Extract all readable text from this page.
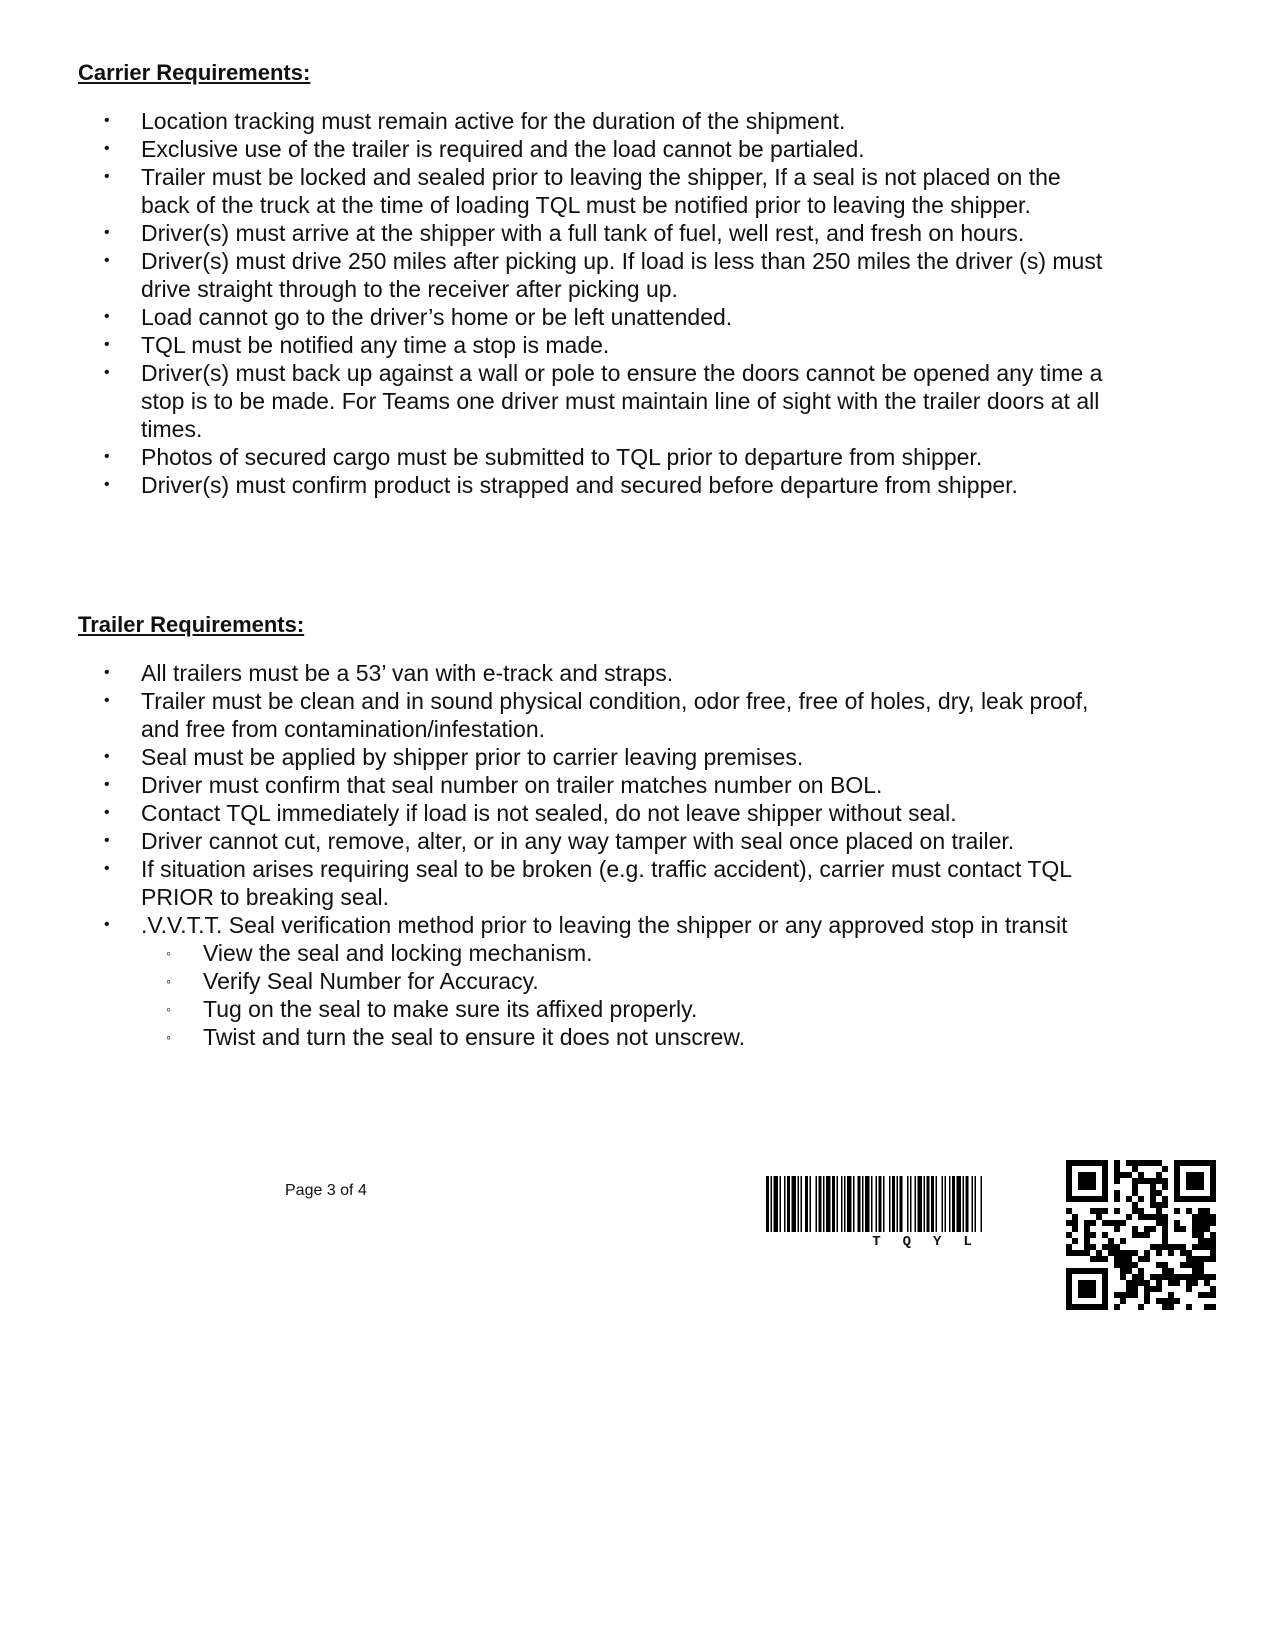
Carrier Requirements:
• Location tracking must remain active for the duration of the shipment.
• Exclusive use of the trailer is required and the load cannot be partialed.
• Trailer must be locked and sealed prior to leaving the shipper, If a seal is not placed on the back of the truck at the time of loading TQL must be notified prior to leaving the shipper.
• Driver(s) must arrive at the shipper with a full tank of fuel, well rest, and fresh on hours.
• Driver(s) must drive 250 miles after picking up. If load is less than 250 miles the driver (s) must drive straight through to the receiver after picking up.
• Load cannot go to the driver’s home or be left unattended.
• TQL must be notified any time a stop is made.
• Driver(s) must back up against a wall or pole to ensure the doors cannot be opened any time a stop is to be made. For Teams one driver must maintain line of sight with the trailer doors at all times.
• Photos of secured cargo must be submitted to TQL prior to departure from shipper.
• Driver(s) must confirm product is strapped and secured before departure from shipper.
Trailer Requirements:
• All trailers must be a 53’ van with e-track and straps.
• Trailer must be clean and in sound physical condition, odor free, free of holes, dry, leak proof, and free from contamination/infestation.
• Seal must be applied by shipper prior to carrier leaving premises.
• Driver must confirm that seal number on trailer matches number on BOL.
• Contact TQL immediately if load is not sealed, do not leave shipper without seal.
• Driver cannot cut, remove, alter, or in any way tamper with seal once placed on trailer.
• If situation arises requiring seal to be broken (e.g. traffic accident), carrier must contact TQL PRIOR to breaking seal.
• .V.V.T.T. Seal verification method prior to leaving the shipper or any approved stop in transit
◦ View the seal and locking mechanism.
◦ Verify Seal Number for Accuracy.
◦ Tug on the seal to make sure its affixed properly.
◦ Twist and turn the seal to ensure it does not unscrew.
Page 3 of 4
TQYL
